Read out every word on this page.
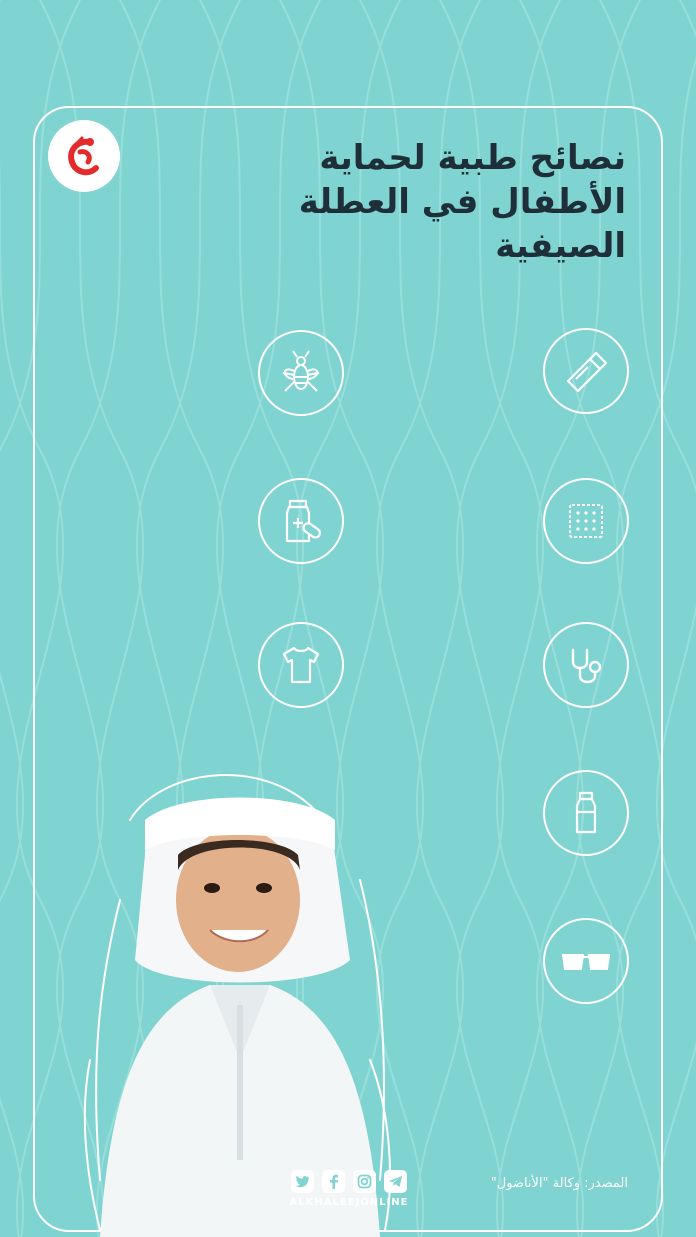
نصائح طبية لحماية الأطفال في العطلة الصيفية
ALKHALEEJONLINE
المصدر: وكالة "الأناضول"
